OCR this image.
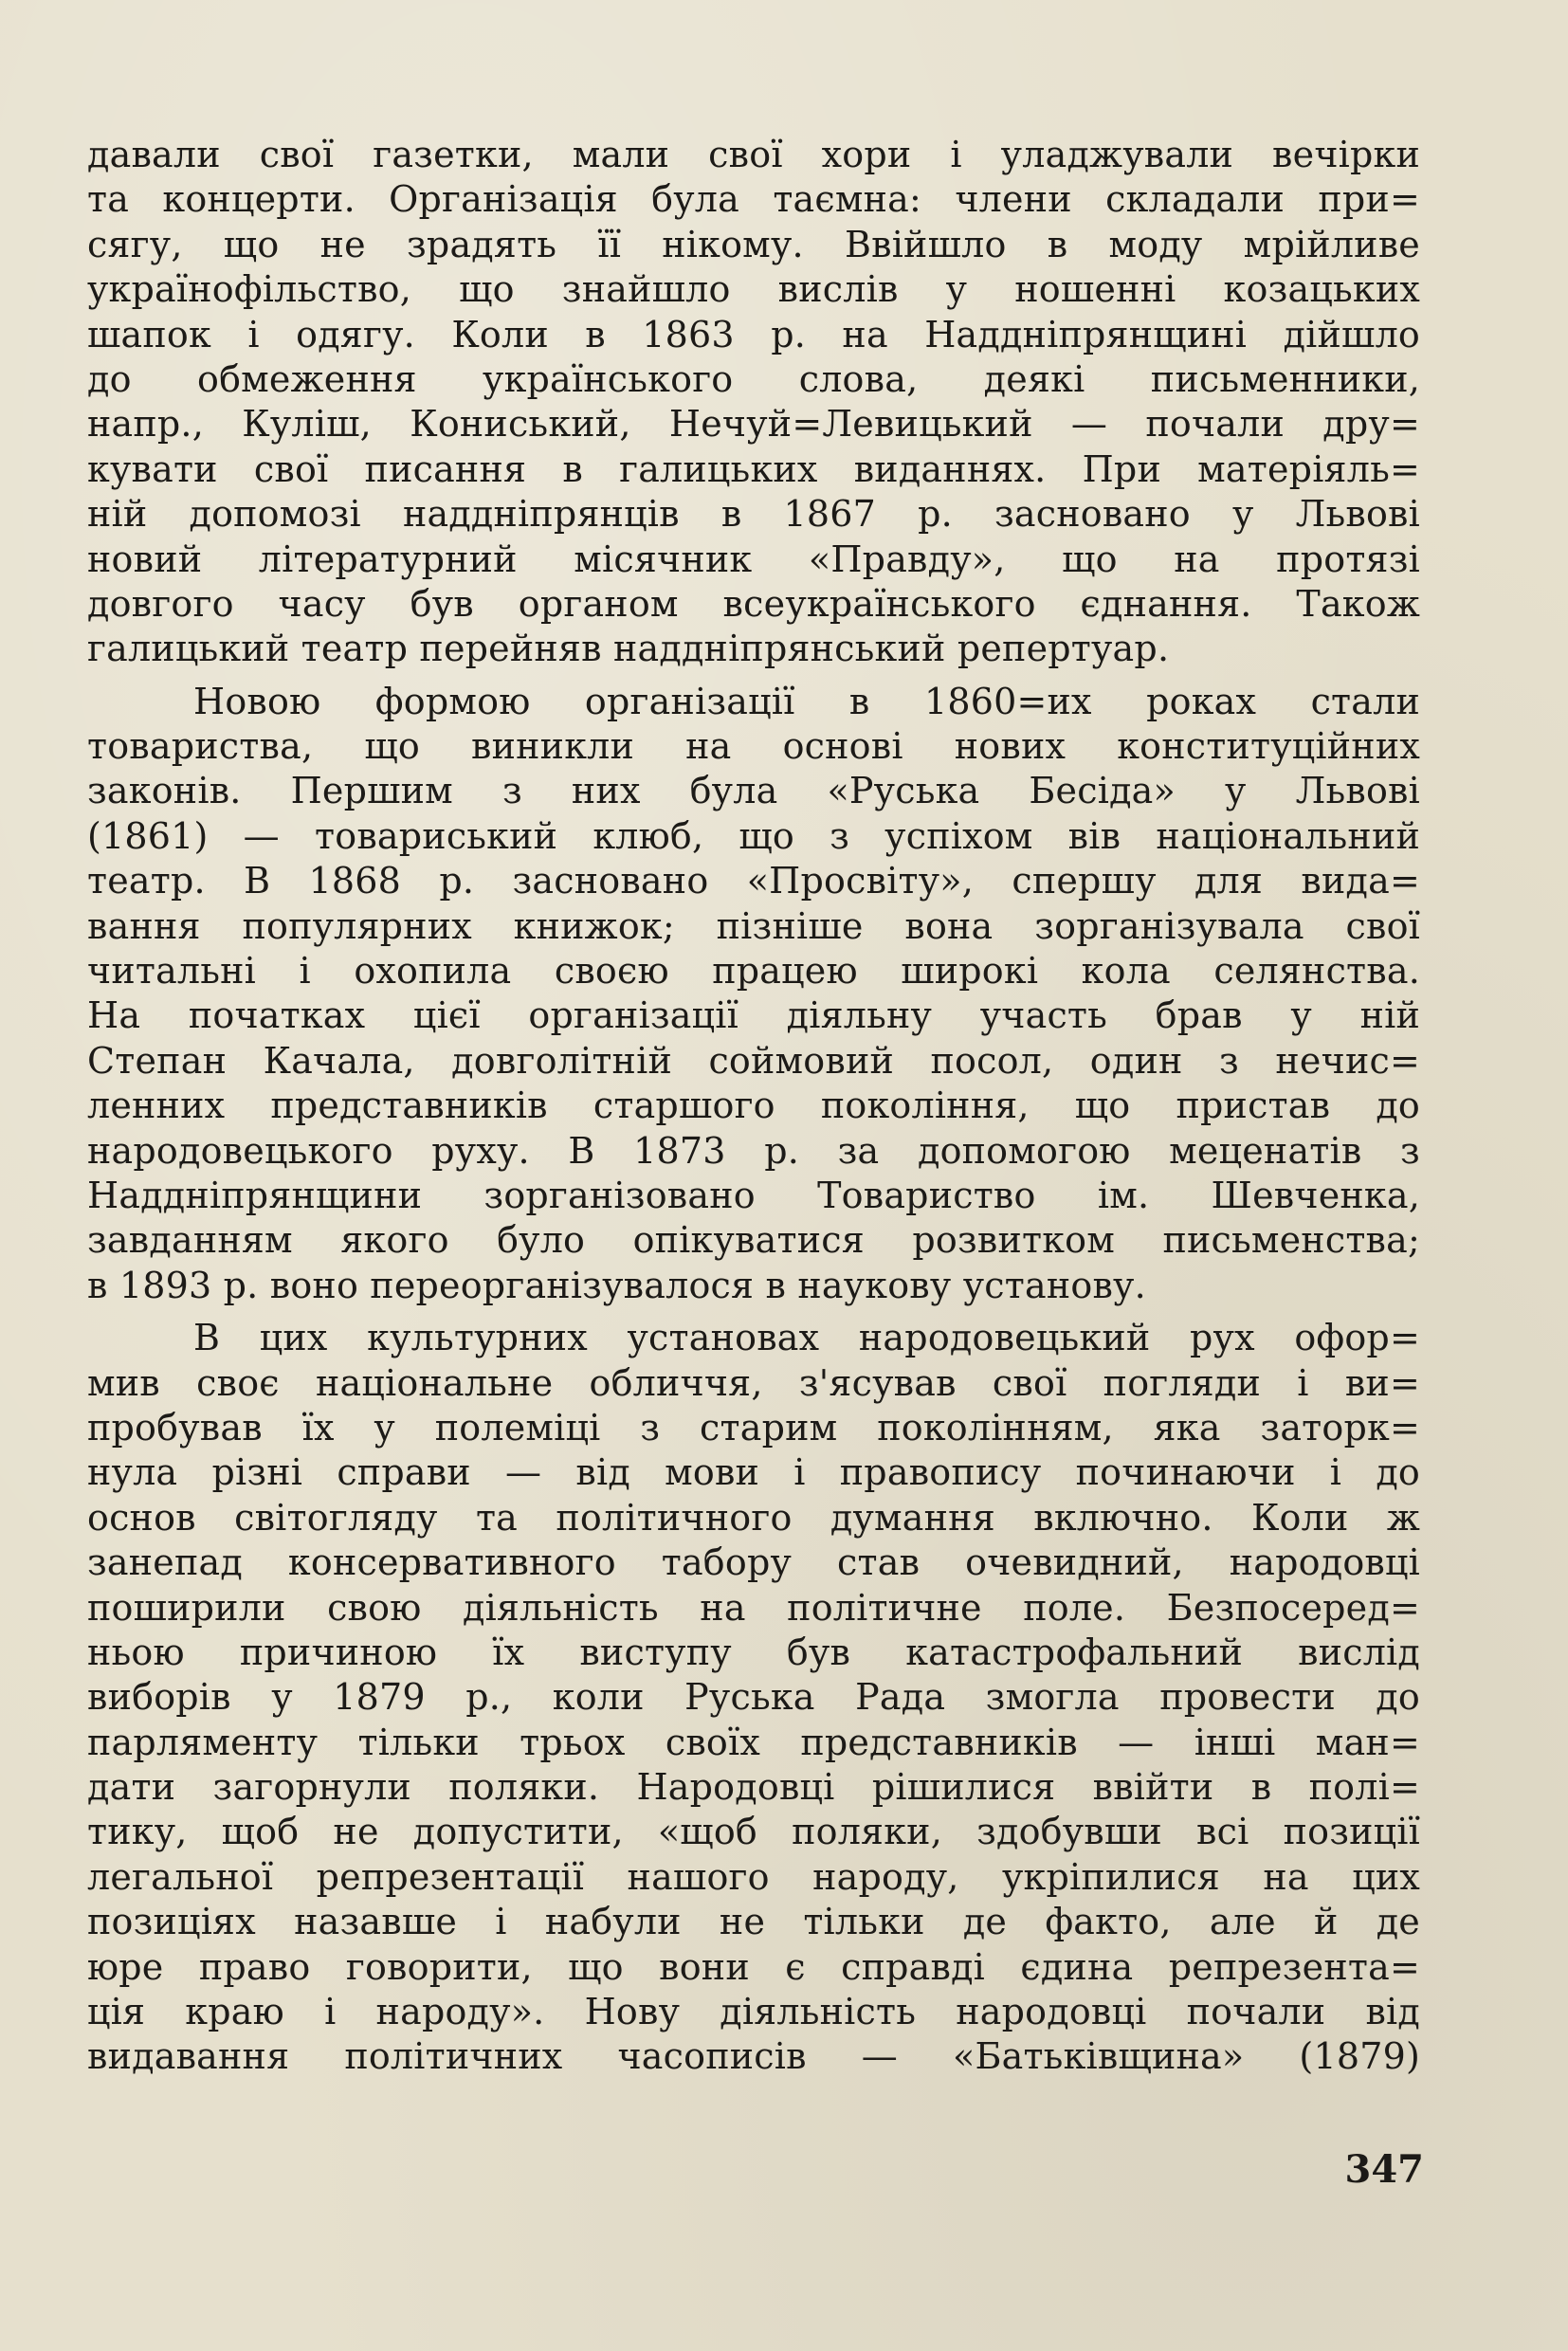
давали свої газетки, мали свої хори і уладжували вечірки
та концерти. Організація була таємна: члени складали при=
сягу, що не зрадять її нікому. Ввійшло в моду мрійливе
українофільство, що знайшло вислів у ношенні козацьких
шапок і одягу. Коли в 1863 р. на Наддніпрянщині дійшло
до обмеження українського слова, деякі письменники,
напр., Куліш, Кониський, Нечуй=Левицький — почали дру=
кувати свої писання в галицьких виданнях. При матеріяль=
ній допомозі наддніпрянців в 1867 р. засновано у Львові
новий літературний місячник «Правду», що на протязі
довгого часу був органом всеукраїнського єднання. Також
галицький театр перейняв наддніпрянський репертуар.
Новою формою організації в 1860=их роках стали
товариства, що виникли на основі нових конституційних
законів. Першим з них була «Руська Бесіда» у Львові
(1861) — товариський клюб, що з успіхом вів національний
театр. В 1868 р. засновано «Просвіту», спершу для вида=
вання популярних книжок; пізніше вона зорганізувала свої
читальні і охопила своєю працею широкі кола селянства.
На початках цієї організації діяльну участь брав у ній
Степан Качала, довголітній соймовий посол, один з нечис=
ленних представників старшого покоління, що пристав до
народовецького руху. В 1873 р. за допомогою меценатів з
Наддніпрянщини зорганізовано Товариство ім. Шевченка,
завданням якого було опікуватися розвитком письменства;
в 1893 р. воно переорганізувалося в наукову установу.
В цих культурних установах народовецький рух офор=
мив своє національне обличчя, з'ясував свої погляди і ви=
пробував їх у полеміці з старим поколінням, яка заторк=
нула різні справи — від мови і правопису починаючи і до
основ світогляду та політичного думання включно. Коли ж
занепад консервативного табору став очевидний, народовці
поширили свою діяльність на політичне поле. Безпосеред=
ньою причиною їх виступу був катастрофальний вислід
виборів у 1879 р., коли Руська Рада змогла провести до
парляменту тільки трьох своїх представників — інші ман=
дати загорнули поляки. Народовці рішилися ввійти в полі=
тику, щоб не допустити, «щоб поляки, здобувши всі позиції
легальної репрезентації нашого народу, укріпилися на цих
позиціях назавше і набули не тільки де факто, але й де
юре право говорити, що вони є справді єдина репрезента=
ція краю і народу». Нову діяльність народовці почали від
видавання політичних часописів — «Батьківщина» (1879)
347
